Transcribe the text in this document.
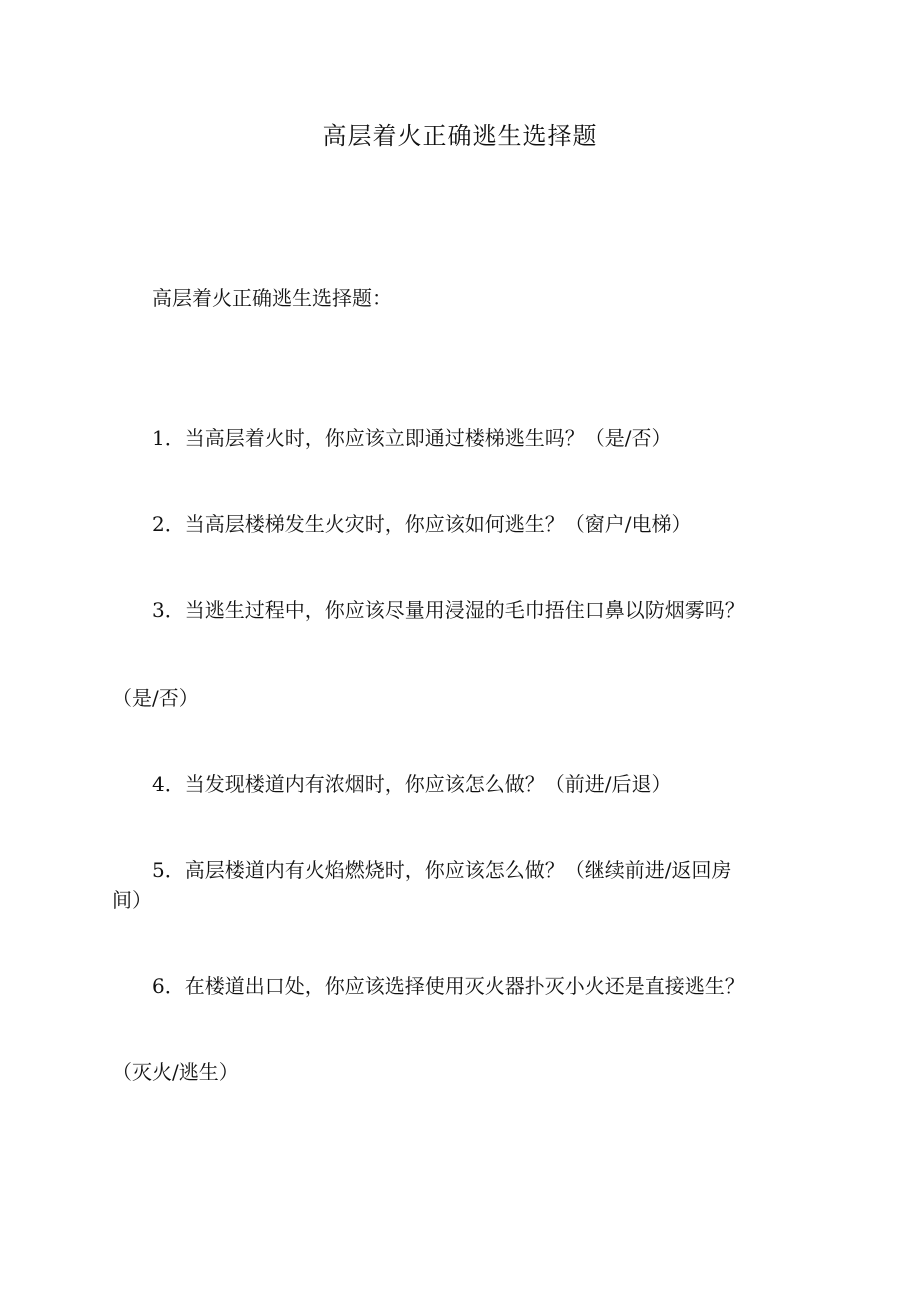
高层着火正确逃生选择题

高层着火正确逃生选择题：

1．当高层着火时，你应该立即通过楼梯逃生吗？（是/否）

2．当高层楼梯发生火灾时，你应该如何逃生？（窗户/电梯）

3．当逃生过程中，你应该尽量用浸湿的毛巾捂住口鼻以防烟雾吗？

（是/否）

4．当发现楼道内有浓烟时，你应该怎么做？（前进/后退）

5．高层楼道内有火焰燃烧时，你应该怎么做？（继续前进/返回房

间）

6．在楼道出口处，你应该选择使用灭火器扑灭小火还是直接逃生？

（灭火/逃生）
